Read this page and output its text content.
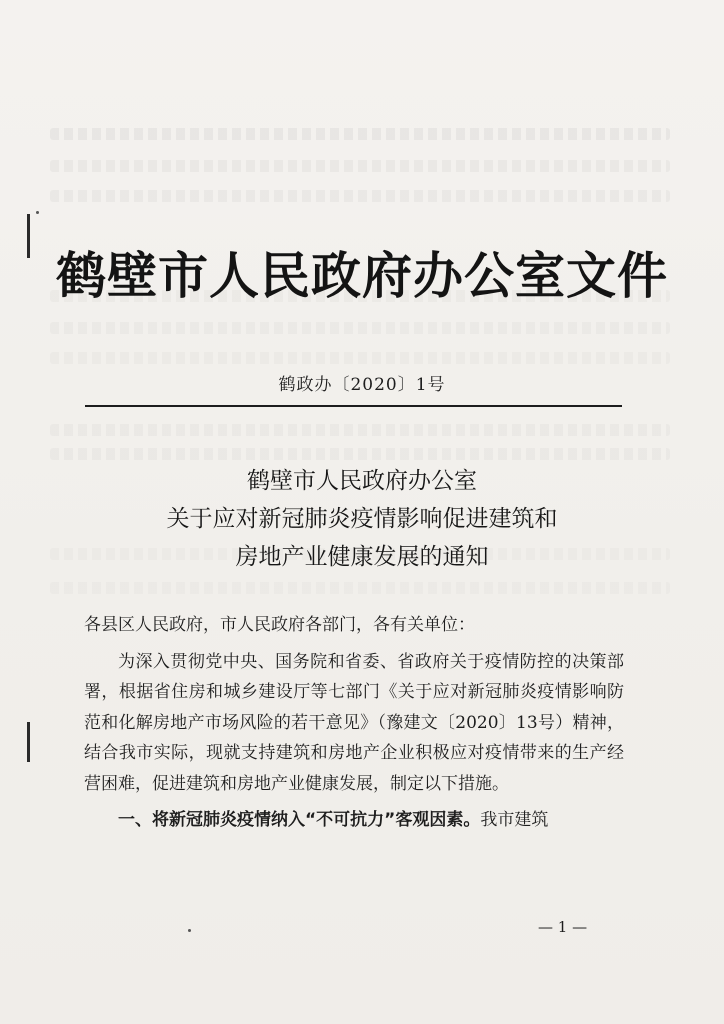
鹤壁市人民政府办公室文件
鹤政办〔2020〕1号
鹤壁市人民政府办公室
关于应对新冠肺炎疫情影响促进建筑和
房地产业健康发展的通知

各县区人民政府，市人民政府各部门，各有关单位：

为深入贯彻党中央、国务院和省委、省政府关于疫情防控的决策部署，根据省住房和城乡建设厅等七部门《关于应对新冠肺炎疫情影响防范和化解房地产市场风险的若干意见》（豫建文〔2020〕13号）精神，结合我市实际，现就支持建筑和房地产企业积极应对疫情带来的生产经营困难，促进建筑和房地产业健康发展，制定以下措施。

一、将新冠肺炎疫情纳入“不可抗力”客观因素。我市建筑

— 1 —
